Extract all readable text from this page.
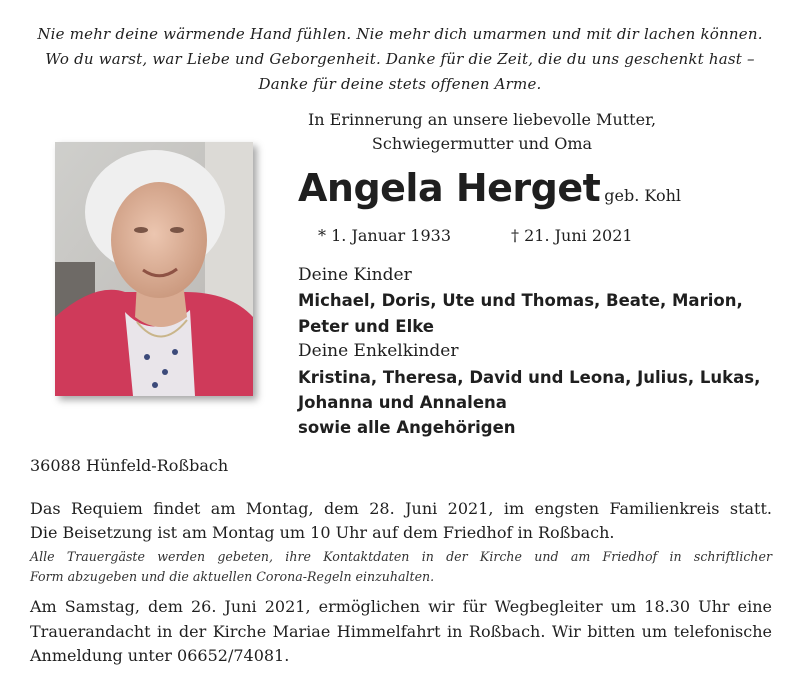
Nie mehr deine wärmende Hand fühlen. Nie mehr dich umarmen und mit dir lachen können.
Wo du warst, war Liebe und Geborgenheit. Danke für die Zeit, die du uns geschenkt hast –
Danke für deine stets offenen Arme.
In Erinnerung an unsere liebevolle Mutter,
Schwiegermutter und Oma
Angela Herget geb. Kohl
* 1. Januar 1933	† 21. Juni 2021
Deine Kinder
Michael, Doris, Ute und Thomas, Beate, Marion,
Peter und Elke
Deine Enkelkinder
Kristina, Theresa, David und Leona, Julius, Lukas,
Johanna und Annalena
sowie alle Angehörigen
36088 Hünfeld-Roßbach
Das Requiem findet am Montag, dem 28. Juni 2021, im engsten Familienkreis statt.
Die Beisetzung ist am Montag um 10 Uhr auf dem Friedhof in Roßbach.
Alle Trauergäste werden gebeten, ihre Kontaktdaten in der Kirche und am Friedhof in schriftlicher
Form abzugeben und die aktuellen Corona-Regeln einzuhalten.
Am Samstag, dem 26. Juni 2021, ermöglichen wir für Wegbegleiter um 18.30 Uhr eine
Trauerandacht in der Kirche Mariae Himmelfahrt in Roßbach. Wir bitten um telefonische
Anmeldung unter 06652/74081.
